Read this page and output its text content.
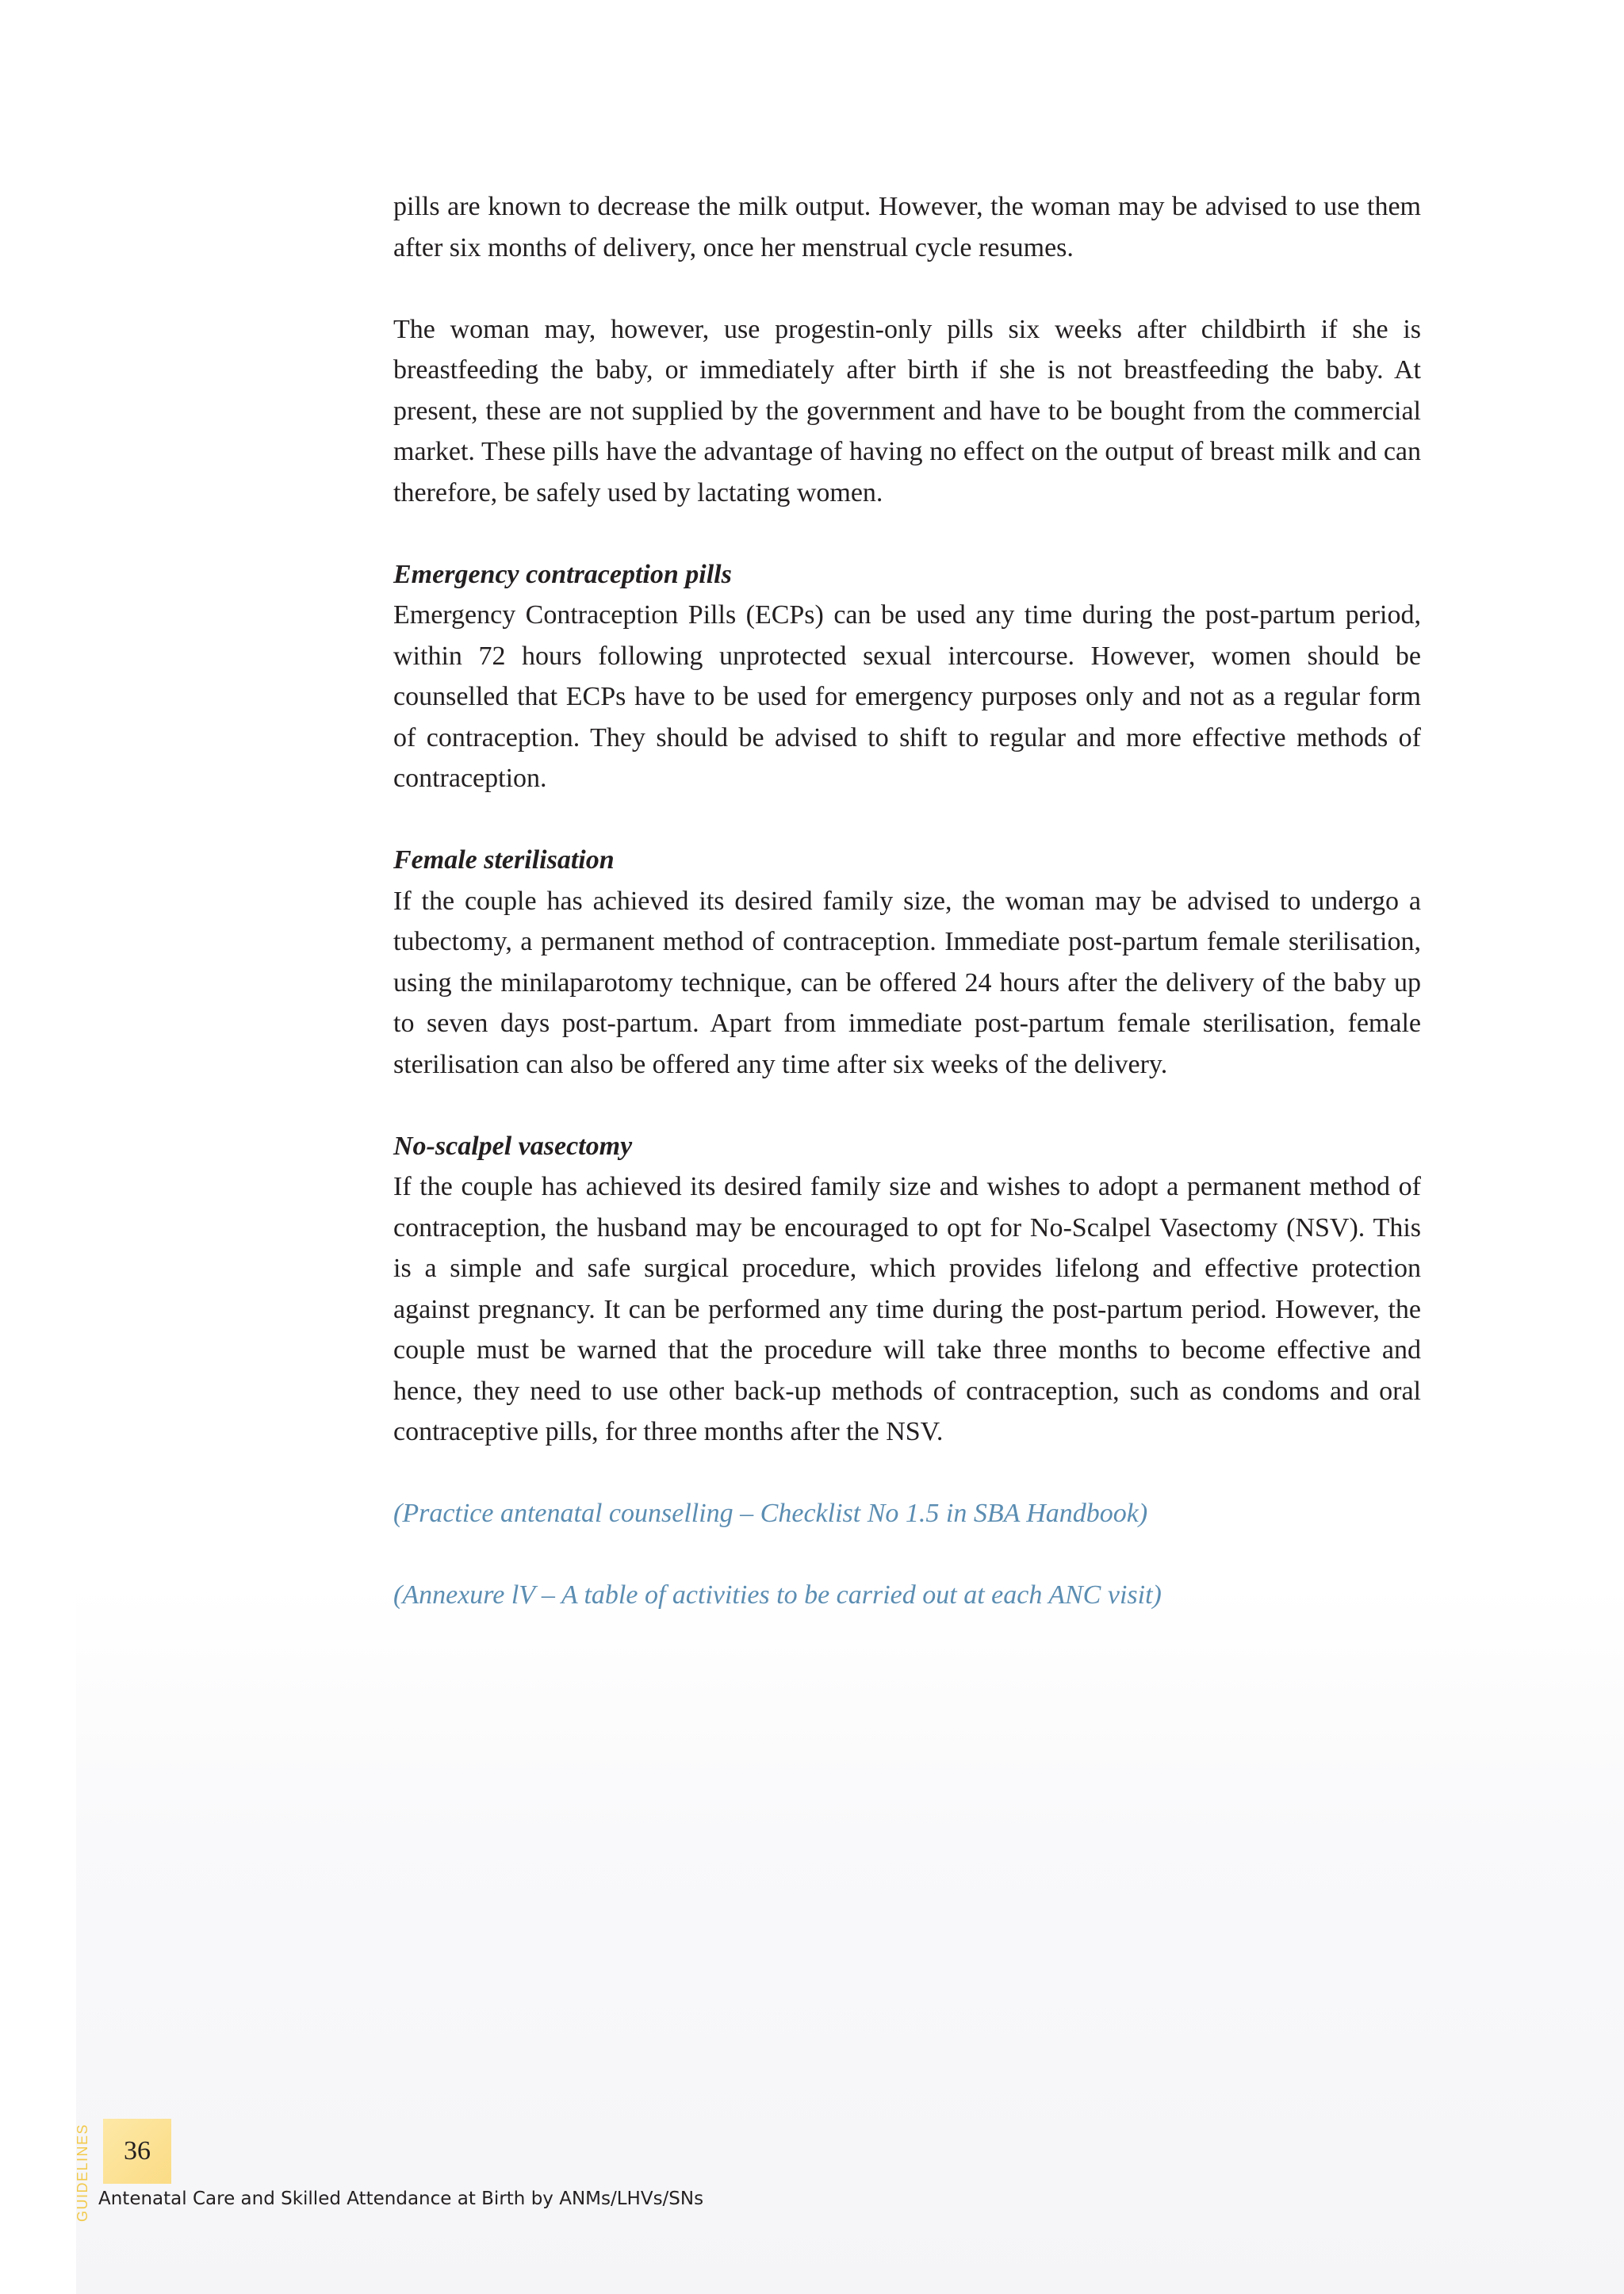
pills are known to decrease the milk output. However, the woman may be advised to use them after six months of delivery, once her menstrual cycle resumes.

The woman may, however, use progestin-only pills six weeks after childbirth if she is breastfeeding the baby, or immediately after birth if she is not breastfeeding the baby. At present, these are not supplied by the government and have to be bought from the commercial market. These pills have the advantage of having no effect on the output of breast milk and can therefore, be safely used by lactating women.

Emergency contraception pills

Emergency Contraception Pills (ECPs) can be used any time during the post-partum period, within 72 hours following unprotected sexual intercourse. However, women should be counselled that ECPs have to be used for emergency purposes only and not as a regular form of contraception. They should be advised to shift to regular and more effective methods of contraception.

Female sterilisation

If the couple has achieved its desired family size, the woman may be advised to undergo a tubectomy, a permanent method of contraception. Immediate post-partum female sterilisation, using the minilaparotomy technique, can be offered 24 hours after the delivery of the baby up to seven days post-partum. Apart from immediate post-partum female sterilisation, female sterilisation can also be offered any time after six weeks of the delivery.

No-scalpel vasectomy

If the couple has achieved its desired family size and wishes to adopt a permanent method of contraception, the husband may be encouraged to opt for No-Scalpel Vasectomy (NSV). This is a simple and safe surgical procedure, which provides lifelong and effective protection against pregnancy. It can be performed any time during the post-partum period. However, the couple must be warned that the procedure will take three months to become effective and hence, they need to use other back-up methods of contraception, such as condoms and oral contraceptive pills, for three months after the NSV.

(Practice antenatal counselling – Checklist No 1.5 in SBA Handbook)

(Annexure lV – A table of activities to be carried out at each ANC visit)

GUIDELINES	36
Antenatal Care and Skilled Attendance at Birth by ANMs/LHVs/SNs
